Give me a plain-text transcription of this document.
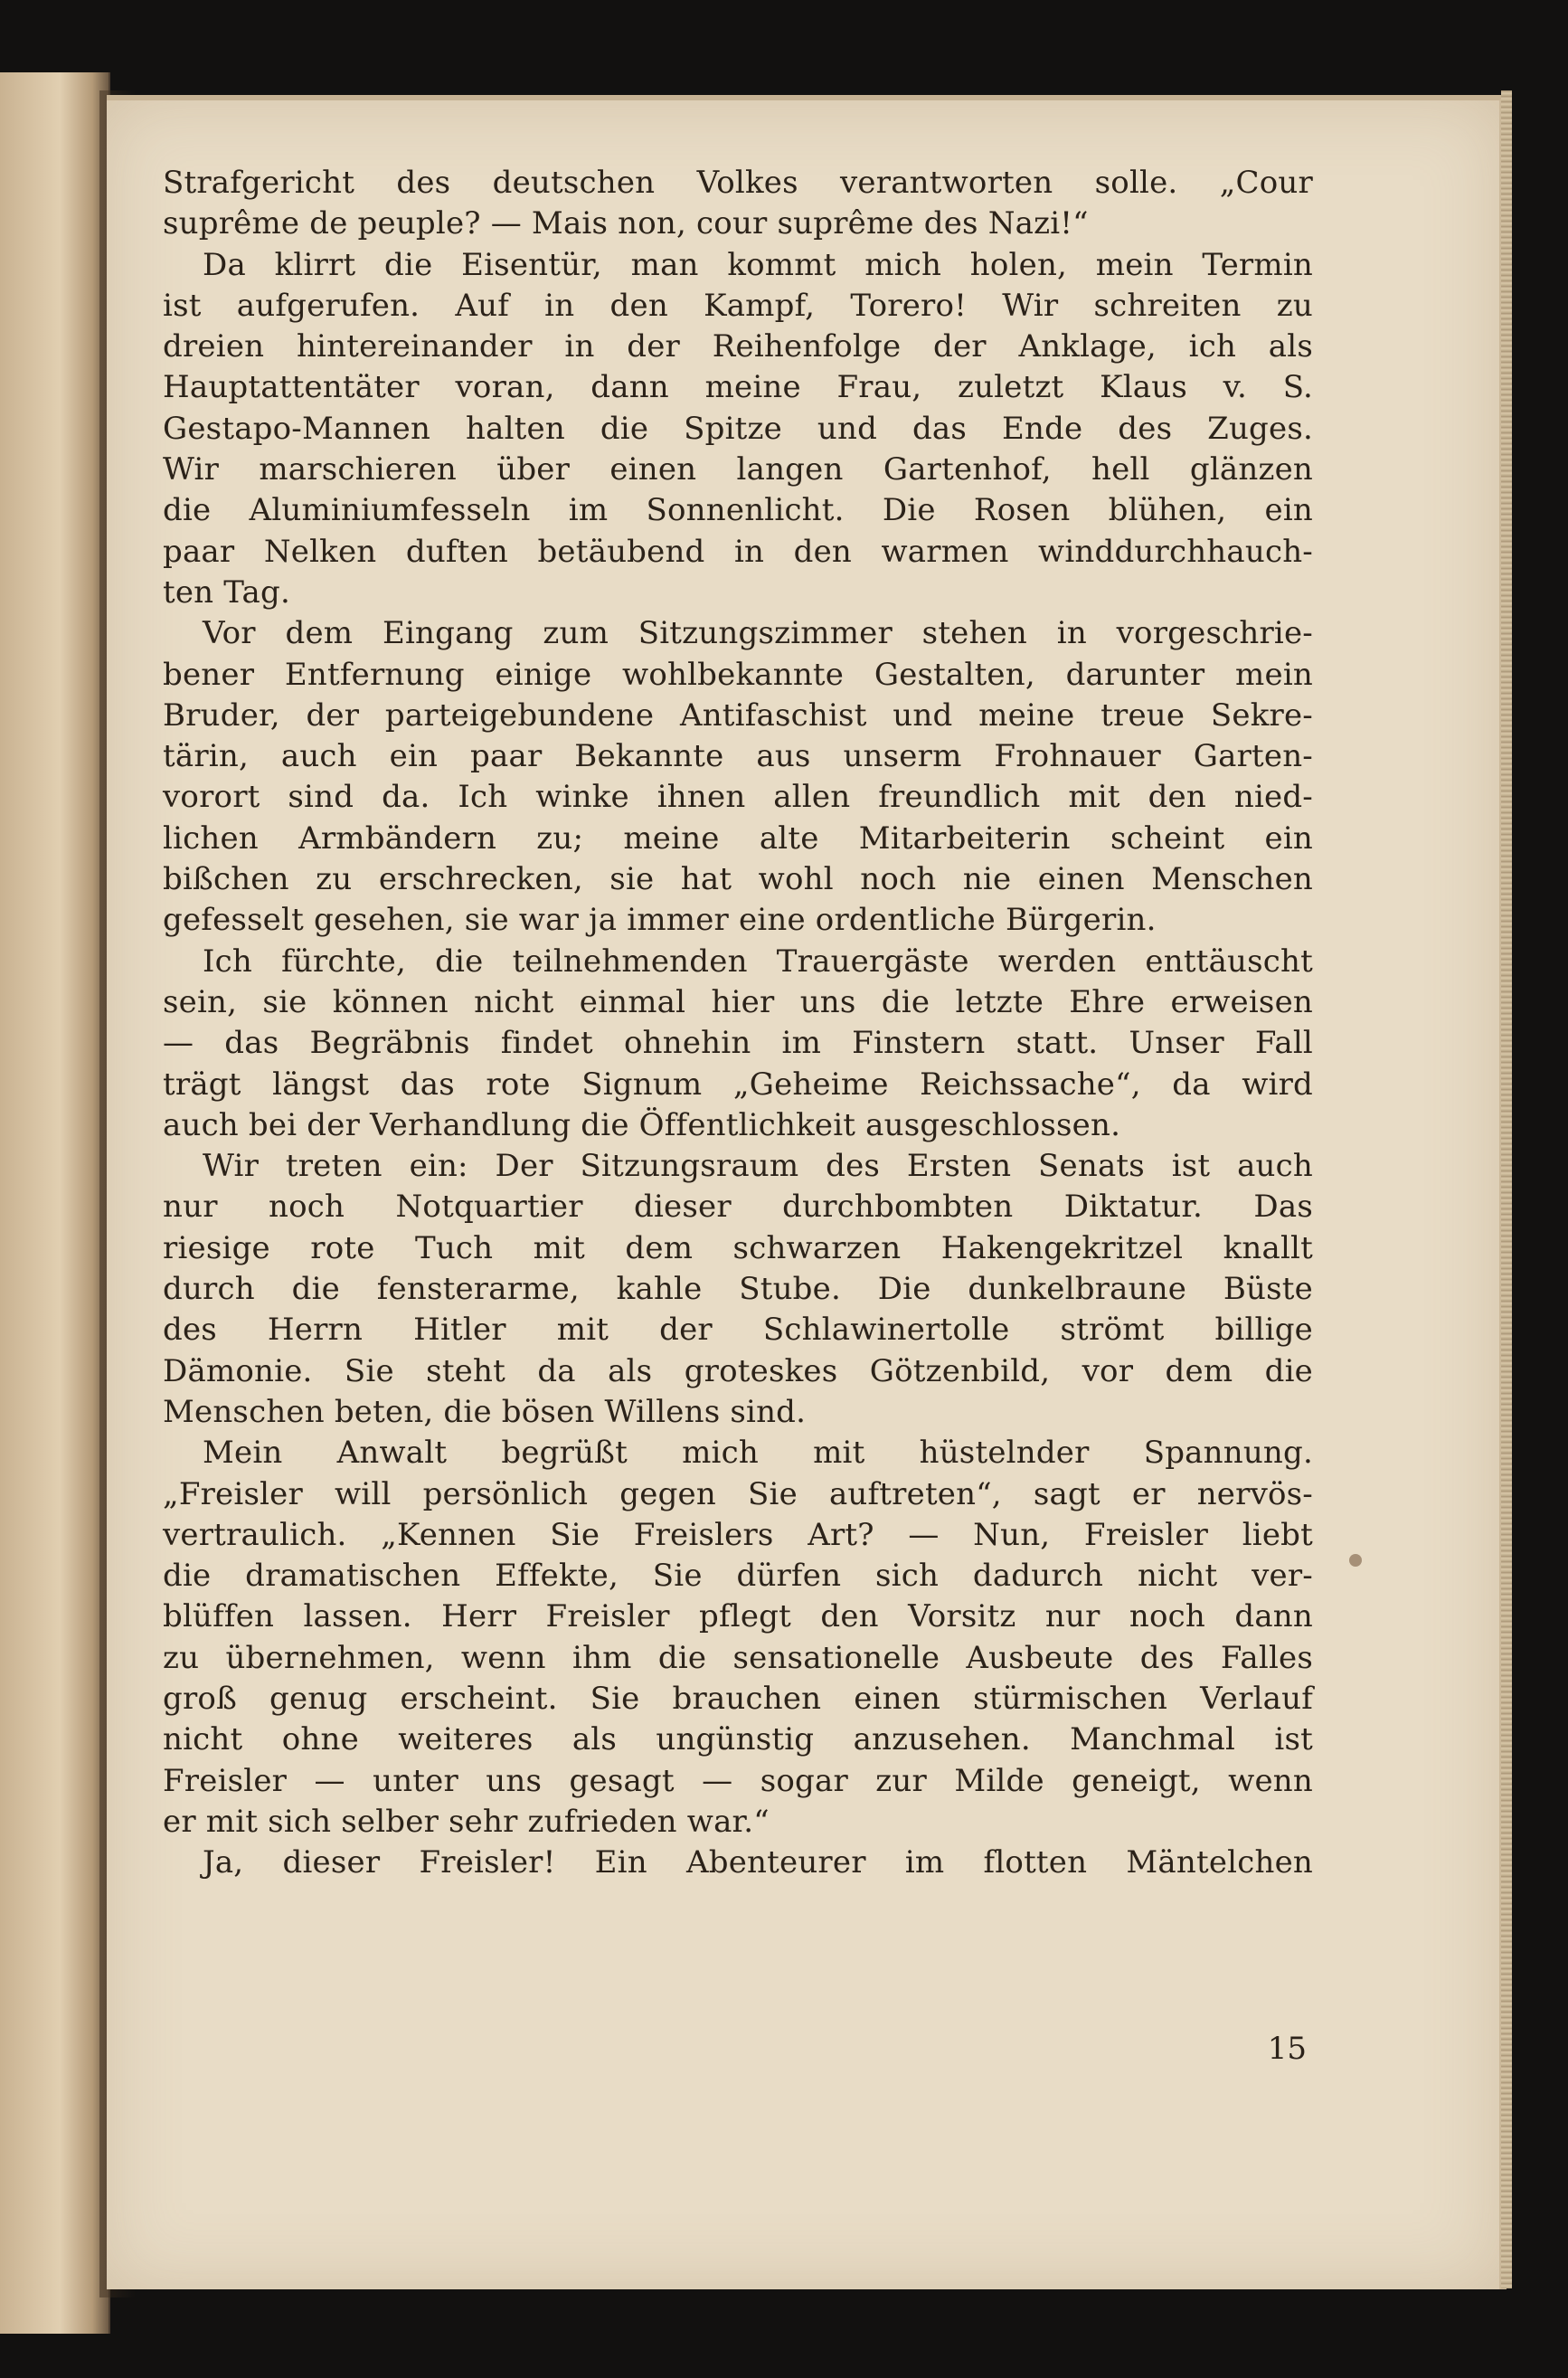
Strafgericht des deutschen Volkes verantworten solle. „Cour
suprême de peuple? — Mais non, cour suprême des Nazi!“
Da klirrt die Eisentür, man kommt mich holen, mein Termin
ist aufgerufen. Auf in den Kampf, Torero! Wir schreiten zu
dreien hintereinander in der Reihenfolge der Anklage, ich als
Hauptattentäter voran, dann meine Frau, zuletzt Klaus v. S.
Gestapo-Mannen halten die Spitze und das Ende des Zuges.
Wir marschieren über einen langen Gartenhof, hell glänzen
die Aluminiumfesseln im Sonnenlicht. Die Rosen blühen, ein
paar Nelken duften betäubend in den warmen winddurchhauch-
ten Tag.
Vor dem Eingang zum Sitzungszimmer stehen in vorgeschrie-
bener Entfernung einige wohlbekannte Gestalten, darunter mein
Bruder, der parteigebundene Antifaschist und meine treue Sekre-
tärin, auch ein paar Bekannte aus unserm Frohnauer Garten-
vorort sind da. Ich winke ihnen allen freundlich mit den nied-
lichen Armbändern zu; meine alte Mitarbeiterin scheint ein
bißchen zu erschrecken, sie hat wohl noch nie einen Menschen
gefesselt gesehen, sie war ja immer eine ordentliche Bürgerin.
Ich fürchte, die teilnehmenden Trauergäste werden enttäuscht
sein, sie können nicht einmal hier uns die letzte Ehre erweisen
— das Begräbnis findet ohnehin im Finstern statt. Unser Fall
trägt längst das rote Signum „Geheime Reichssache“, da wird
auch bei der Verhandlung die Öffentlichkeit ausgeschlossen.
Wir treten ein: Der Sitzungsraum des Ersten Senats ist auch
nur noch Notquartier dieser durchbombten Diktatur. Das
riesige rote Tuch mit dem schwarzen Hakengekritzel knallt
durch die fensterarme, kahle Stube. Die dunkelbraune Büste
des Herrn Hitler mit der Schlawinertolle strömt billige
Dämonie. Sie steht da als groteskes Götzenbild, vor dem die
Menschen beten, die bösen Willens sind.
Mein Anwalt begrüßt mich mit hüstelnder Spannung.
„Freisler will persönlich gegen Sie auftreten“, sagt er nervös-
vertraulich. „Kennen Sie Freislers Art? — Nun, Freisler liebt
die dramatischen Effekte, Sie dürfen sich dadurch nicht ver-
blüffen lassen. Herr Freisler pflegt den Vorsitz nur noch dann
zu übernehmen, wenn ihm die sensationelle Ausbeute des Falles
groß genug erscheint. Sie brauchen einen stürmischen Verlauf
nicht ohne weiteres als ungünstig anzusehen. Manchmal ist
Freisler — unter uns gesagt — sogar zur Milde geneigt, wenn
er mit sich selber sehr zufrieden war.“
Ja, dieser Freisler! Ein Abenteurer im flotten Mäntelchen
15
